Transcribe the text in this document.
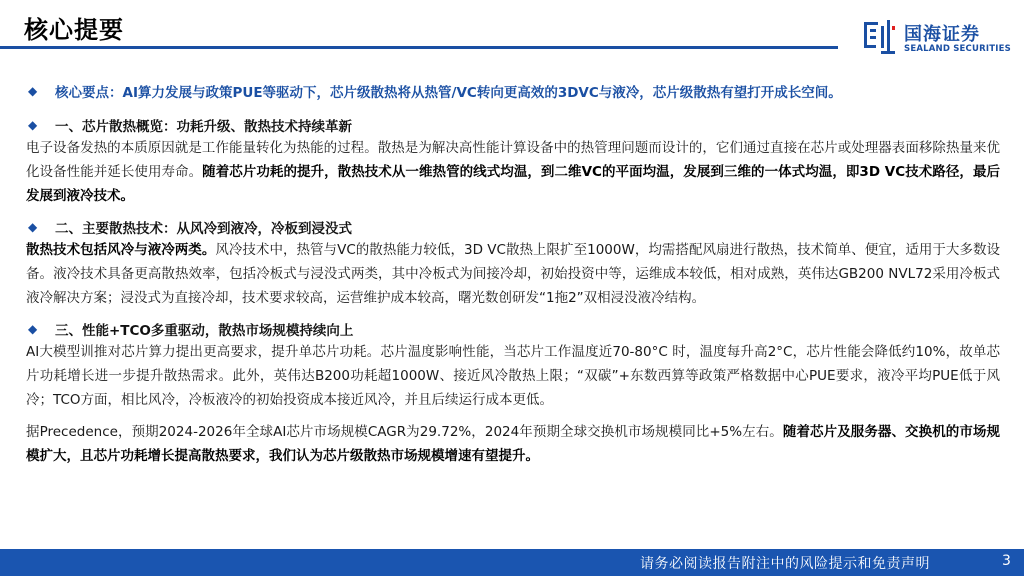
核心提要	国海证券
SEALAND SECURITIES
◆ 核心要点：AI算力发展与政策PUE等驱动下，芯片级散热将从热管/VC转向更高效的3DVC与液冷，芯片级散热有望打开成长空间。
◆ 一、芯片散热概览：功耗升级、散热技术持续革新
电子设备发热的本质原因就是工作能量转化为热能的过程。散热是为解决高性能计算设备中的热管理问题而设计的，它们通过直接在芯片或处理器表面移除热量来优化设备性能并延长使用寿命。随着芯片功耗的提升，散热技术从一维热管的线式均温，到二维VC的平面均温，发展到三维的一体式均温，即3D VC技术路径，最后发展到液冷技术。
◆ 二、主要散热技术：从风冷到液冷，冷板到浸没式
散热技术包括风冷与液冷两类。风冷技术中，热管与VC的散热能力较低，3D VC散热上限扩至1000W，均需搭配风扇进行散热，技术简单、便宜，适用于大多数设备。液冷技术具备更高散热效率，包括冷板式与浸没式两类，其中冷板式为间接冷却，初始投资中等，运维成本较低，相对成熟，英伟达GB200 NVL72采用冷板式液冷解决方案；浸没式为直接冷却，技术要求较高，运营维护成本较高，曙光数创研发“1拖2”双相浸没液冷结构。
◆ 三、性能+TCO多重驱动，散热市场规模持续向上
AI大模型训推对芯片算力提出更高要求，提升单芯片功耗。芯片温度影响性能，当芯片工作温度近70-80°C 时，温度每升高2°C，芯片性能会降低约10%，故单芯片功耗增长进一步提升散热需求。此外，英伟达B200功耗超1000W、接近风冷散热上限；“双碳”+东数西算等政策严格数据中心PUE要求，液冷平均PUE低于风冷；TCO方面，相比风冷，冷板液冷的初始投资成本接近风冷，并且后续运行成本更低。
据Precedence，预期2024-2026年全球AI芯片市场规模CAGR为29.72%，2024年预期全球交换机市场规模同比+5%左右。随着芯片及服务器、交换机的市场规模扩大，且芯片功耗增长提高散热要求，我们认为芯片级散热市场规模增速有望提升。
请务必阅读报告附注中的风险提示和免责声明	3
